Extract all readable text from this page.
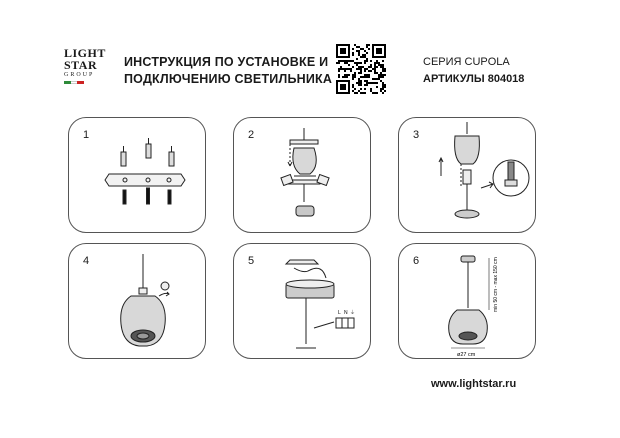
LIGHT
STAR
GROUP
ИНСТРУКЦИЯ ПО УСТАНОВКЕ И
ПОДКЛЮЧЕНИЮ СВЕТИЛЬНИКА
СЕРИЯ CUPOLA
АРТИКУЛЫ 804018
1	2	3
4	5
L N ⏚
6	min 50 cm - max 150 cm
ø27 cm
www.lightstar.ru
